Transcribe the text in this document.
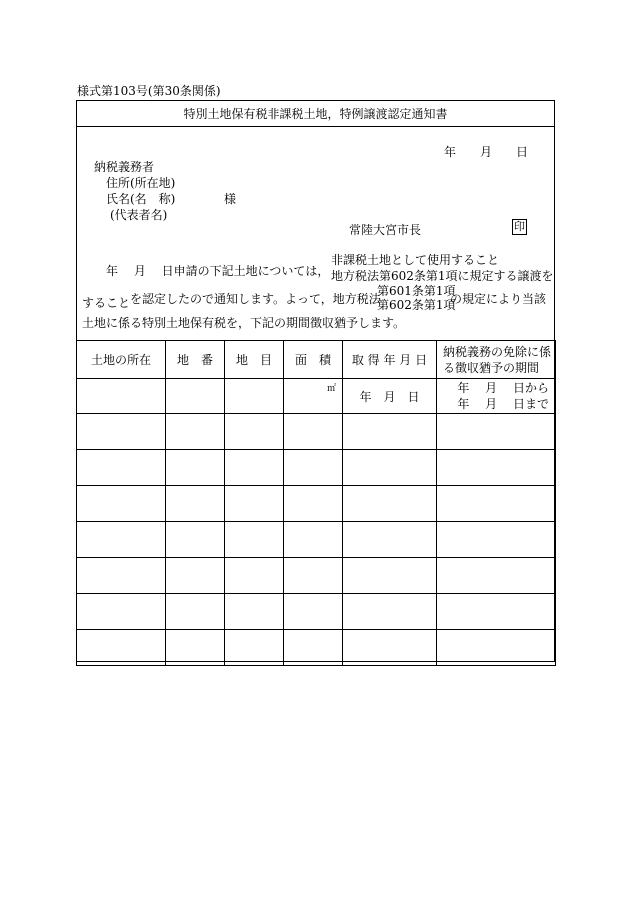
様式第103号(第30条関係)
特別土地保有税非課税土地，特例譲渡認定通知書
年　　月　　日
納税義務者
住所(所在地)
氏名(名　称)	様
(代表者名)
常陸大宮市長	印
年　 月　 日申請の下記土地については，
非課税土地として使用すること
地方税法第602条第1項に規定する譲渡を
すること を認定したので通知します。よって，地方税法
第601条第1項
第602条第1項
の規定により当該
土地に係る特別土地保有税を，下記の期間徴収猶予します。
土地の所在	地　番	地　目	面　積	取 得 年 月 日	納税義務の免除に係る徴収猶予の期間

			㎡	年　月　日	年　 月　 日から
年　 月　 日まで
